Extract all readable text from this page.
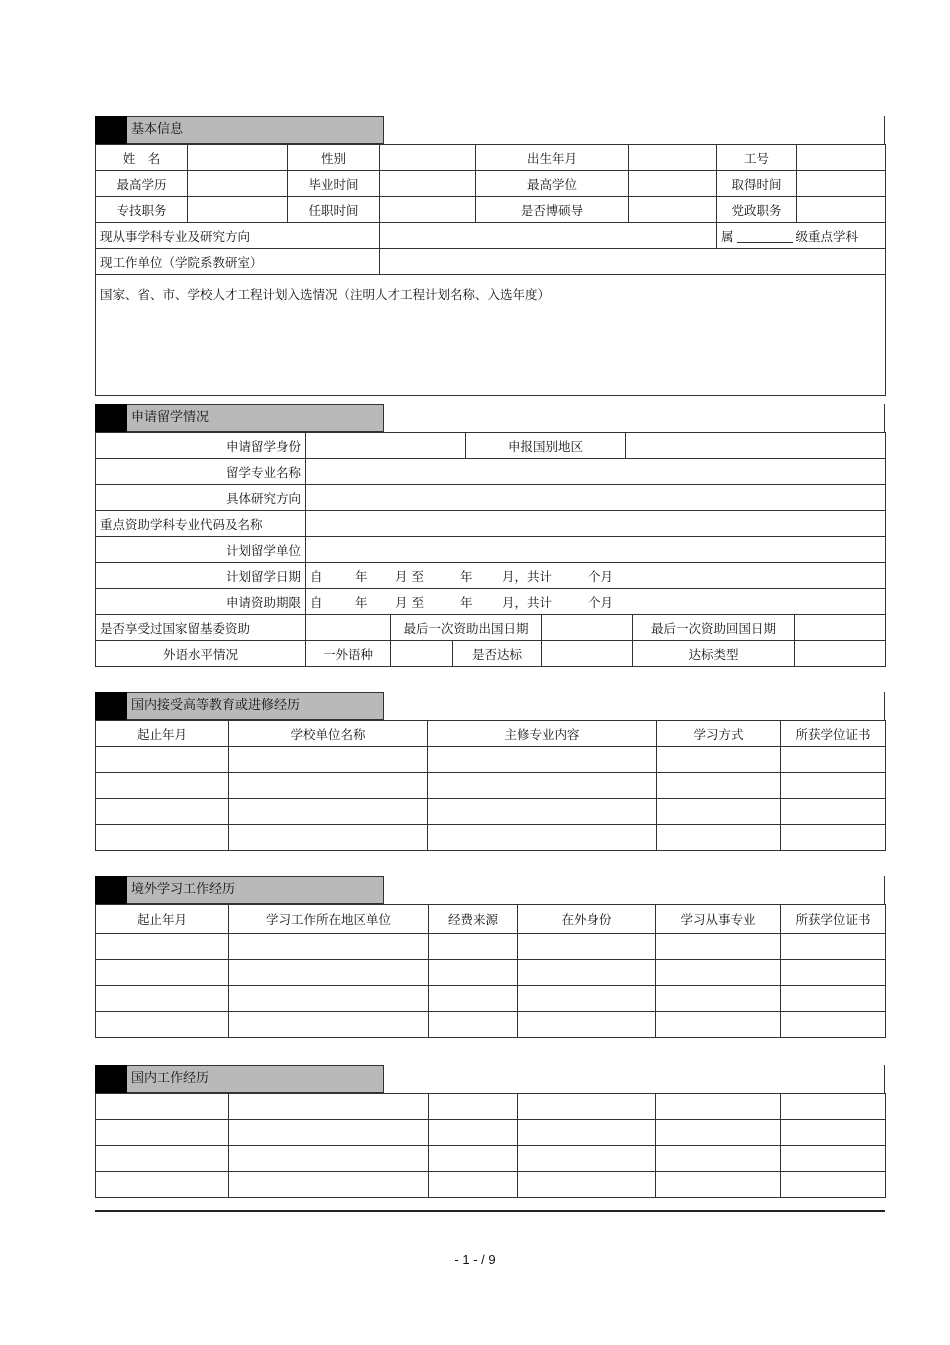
基本信息
姓　名		性别		出生年月		工号	
最高学历		毕业时间		最高学位		取得时间	
专技职务		任职时间		是否博硕导		党政职务	
现从事学科专业及研究方向						属 级重点学科	
现工作单位（学院系教研室）							
国家、省、市、学校人才工程计划入选情况（注明人才工程计划名称、入选年度）							
申请留学情况
申请留学身份		申报国别地区	
留学专业名称			
具体研究方向			
重点资助学科专业代码及名称			
计划留学单位			
计划留学日期	自 年 月 至 年 月，共计 个月		
申请资助期限	自 年 月 至 年 月，共计 个月		
是否享受过国家留基委资助		最后一次资助出国日期		最后一次资助回国日期	
外语水平情况	一外语种		是否达标		达标类型	
国内接受高等教育或进修经历
起止年月	学校单位名称	主修专业内容	学习方式	所获学位证书

境外学习工作经历
起止年月	学习工作所在地区单位	经费来源	在外身份	学习从事专业	所获学位证书

国内工作经历

- 1 - / 9
